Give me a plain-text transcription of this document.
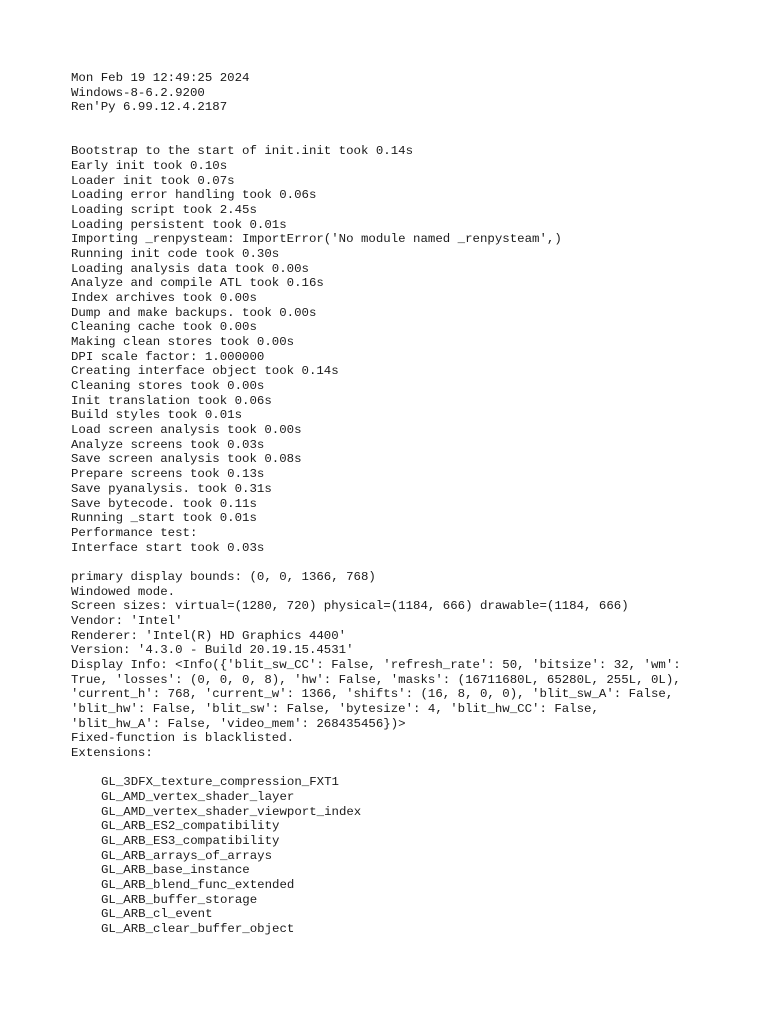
Mon Feb 19 12:49:25 2024
Windows-8-6.2.9200
Ren'Py 6.99.12.4.2187
Bootstrap to the start of init.init took 0.14s
Early init took 0.10s
Loader init took 0.07s
Loading error handling took 0.06s
Loading script took 2.45s
Loading persistent took 0.01s
Importing _renpysteam: ImportError('No module named _renpysteam',)
Running init code took 0.30s
Loading analysis data took 0.00s
Analyze and compile ATL took 0.16s
Index archives took 0.00s
Dump and make backups. took 0.00s
Cleaning cache took 0.00s
Making clean stores took 0.00s
DPI scale factor: 1.000000
Creating interface object took 0.14s
Cleaning stores took 0.00s
Init translation took 0.06s
Build styles took 0.01s
Load screen analysis took 0.00s
Analyze screens took 0.03s
Save screen analysis took 0.08s
Prepare screens took 0.13s
Save pyanalysis. took 0.31s
Save bytecode. took 0.11s
Running _start took 0.01s
Performance test:
Interface start took 0.03s
primary display bounds: (0, 0, 1366, 768)
Windowed mode.
Screen sizes: virtual=(1280, 720) physical=(1184, 666) drawable=(1184, 666)
Vendor: 'Intel'
Renderer: 'Intel(R) HD Graphics 4400'
Version: '4.3.0 - Build 20.19.15.4531'
Display Info: <Info({'blit_sw_CC': False, 'refresh_rate': 50, 'bitsize': 32, 'wm':
True, 'losses': (0, 0, 0, 8), 'hw': False, 'masks': (16711680L, 65280L, 255L, 0L),
'current_h': 768, 'current_w': 1366, 'shifts': (16, 8, 0, 0), 'blit_sw_A': False,
'blit_hw': False, 'blit_sw': False, 'bytesize': 4, 'blit_hw_CC': False,
'blit_hw_A': False, 'video_mem': 268435456})>
Fixed-function is blacklisted.
Extensions:
GL_3DFX_texture_compression_FXT1
GL_AMD_vertex_shader_layer
GL_AMD_vertex_shader_viewport_index
GL_ARB_ES2_compatibility
GL_ARB_ES3_compatibility
GL_ARB_arrays_of_arrays
GL_ARB_base_instance
GL_ARB_blend_func_extended
GL_ARB_buffer_storage
GL_ARB_cl_event
GL_ARB_clear_buffer_object
